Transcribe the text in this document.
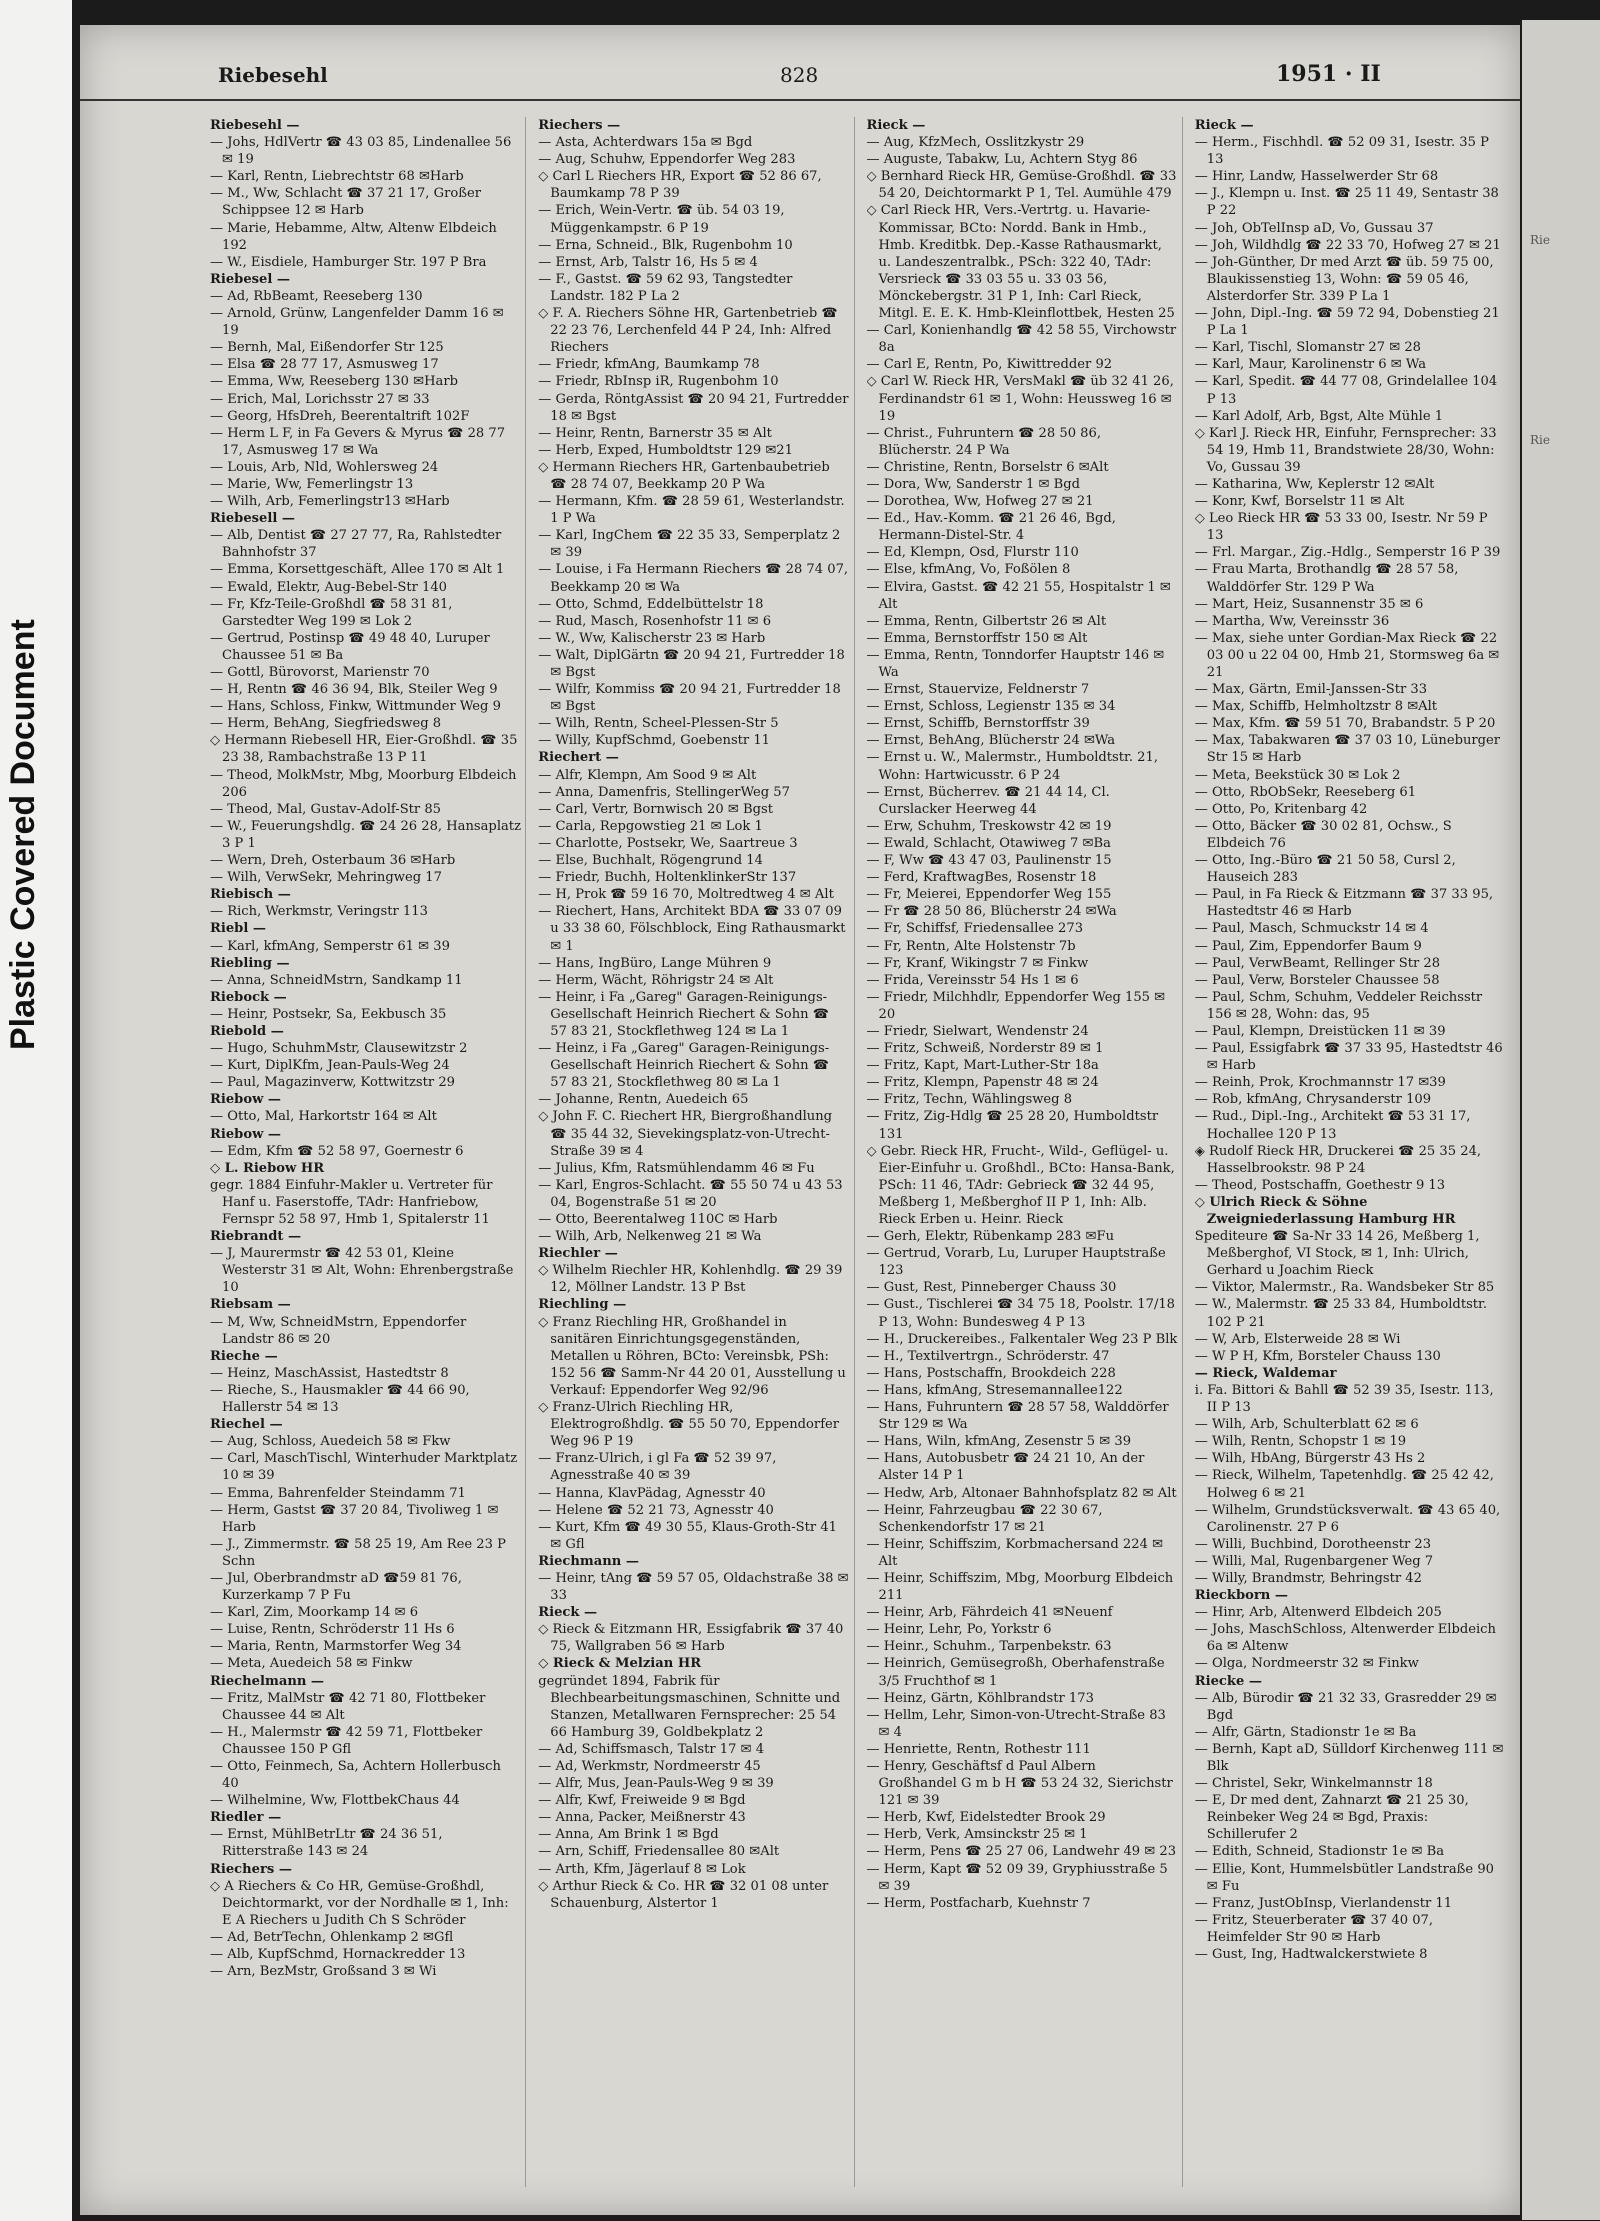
Plastic Covered Document
Riebesehl	828	1951 · II

Riebesehl —

— Johs, HdlVertr ☎ 43 03 85, Lindenallee 56 ✉ 19

— Karl, Rentn, Liebrechtstr 68 ✉Harb

— M., Ww, Schlacht ☎ 37 21 17, Großer Schippsee 12 ✉ Harb

— Marie, Hebamme, Altw, Altenw Elbdeich 192

— W., Eisdiele, Hamburger Str. 197 P Bra

Riebesel —

— Ad, RbBeamt, Reeseberg 130

— Arnold, Grünw, Langenfelder Damm 16 ✉ 19

— Bernh, Mal, Eißendorfer Str 125

— Elsa ☎ 28 77 17, Asmusweg 17

— Emma, Ww, Reeseberg 130 ✉Harb

— Erich, Mal, Lorichsstr 27 ✉ 33

— Georg, HfsDreh, Beerentaltrift 102F

— Herm L F, in Fa Gevers & Myrus ☎ 28 77 17, Asmusweg 17 ✉ Wa

— Louis, Arb, Nld, Wohlersweg 24

— Marie, Ww, Femerlingstr 13

— Wilh, Arb, Femerlingstr13 ✉Harb

Riebesell —

— Alb, Dentist ☎ 27 27 77, Ra, Rahlstedter Bahnhofstr 37

— Emma, Korsettgeschäft, Allee 170 ✉ Alt 1

— Ewald, Elektr, Aug-Bebel-Str 140

— Fr, Kfz-Teile-Großhdl ☎ 58 31 81, Garstedter Weg 199 ✉ Lok 2

— Gertrud, Postinsp ☎ 49 48 40, Luruper Chaussee 51 ✉ Ba

— Gottl, Bürovorst, Marienstr 70

— H, Rentn ☎ 46 36 94, Blk, Steiler Weg 9

— Hans, Schloss, Finkw, Wittmunder Weg 9

— Herm, BehAng, Siegfriedsweg 8

◇ Hermann Riebesell HR, Eier-Großhdl. ☎ 35 23 38, Rambachstraße 13 P 11

— Theod, MolkMstr, Mbg, Moorburg Elbdeich 206

— Theod, Mal, Gustav-Adolf-Str 85

— W., Feuerungshdlg. ☎ 24 26 28, Hansaplatz 3 P 1

— Wern, Dreh, Osterbaum 36 ✉Harb

— Wilh, VerwSekr, Mehringweg 17

Riebisch —

— Rich, Werkmstr, Veringstr 113

Riebl —

— Karl, kfmAng, Semperstr 61 ✉ 39

Riebling —

— Anna, SchneidMstrn, Sandkamp 11

Riebock —

— Heinr, Postsekr, Sa, Eekbusch 35

Riebold —

— Hugo, SchuhmMstr, Clausewitzstr 2

— Kurt, DiplKfm, Jean-Pauls-Weg 24

— Paul, Magazinverw, Kottwitzstr 29

Riebow —

— Otto, Mal, Harkortstr 164 ✉ Alt

Riebow —

— Edm, Kfm ☎ 52 58 97, Goernestr 6

◇ L. Riebow HR

gegr. 1884 Einfuhr-Makler u. Vertreter für Hanf u. Faserstoffe, TAdr: Hanfriebow, Fernspr 52 58 97, Hmb 1, Spitalerstr 11

Riebrandt —

— J, Maurermstr ☎ 42 53 01, Kleine Westerstr 31 ✉ Alt, Wohn: Ehrenbergstraße 10

Riebsam —

— M, Ww, SchneidMstrn, Eppendorfer Landstr 86 ✉ 20

Rieche —

— Heinz, MaschAssist, Hastedtstr 8

— Rieche, S., Hausmakler ☎ 44 66 90, Hallerstr 54 ✉ 13

Riechel —

— Aug, Schloss, Auedeich 58 ✉ Fkw

— Carl, MaschTischl, Winterhuder Marktplatz 10 ✉ 39

— Emma, Bahrenfelder Steindamm 71

— Herm, Gastst ☎ 37 20 84, Tivoliweg 1 ✉ Harb

— J., Zimmermstr. ☎ 58 25 19, Am Ree 23 P Schn

— Jul, Oberbrandmstr aD ☎59 81 76, Kurzerkamp 7 P Fu

— Karl, Zim, Moorkamp 14 ✉ 6

— Luise, Rentn, Schröderstr 11 Hs 6

— Maria, Rentn, Marmstorfer Weg 34

— Meta, Auedeich 58 ✉ Finkw

Riechelmann —

— Fritz, MalMstr ☎ 42 71 80, Flottbeker Chaussee 44 ✉ Alt

— H., Malermstr ☎ 42 59 71, Flottbeker Chaussee 150 P Gfl

— Otto, Feinmech, Sa, Achtern Hollerbusch 40

— Wilhelmine, Ww, FlottbekChaus 44

Riedler —

— Ernst, MühlBetrLtr ☎ 24 36 51, Ritterstraße 143 ✉ 24

Riechers —

◇ A Riechers & Co HR, Gemüse-Großhdl, Deichtormarkt, vor der Nordhalle ✉ 1, Inh: E A Riechers u Judith Ch S Schröder

— Ad, BetrTechn, Ohlenkamp 2 ✉Gfl

— Alb, KupfSchmd, Hornackredder 13

— Arn, BezMstr, Großsand 3 ✉ Wi

Riechers —

— Asta, Achterdwars 15a ✉ Bgd

— Aug, Schuhw, Eppendorfer Weg 283

◇ Carl L Riechers HR, Export ☎ 52 86 67, Baumkamp 78 P 39

— Erich, Wein-Vertr. ☎ üb. 54 03 19, Müggenkampstr. 6 P 19

— Erna, Schneid., Blk, Rugenbohm 10

— Ernst, Arb, Talstr 16, Hs 5 ✉ 4

— F., Gastst. ☎ 59 62 93, Tangstedter Landstr. 182 P La 2

◇ F. A. Riechers Söhne HR, Gartenbetrieb ☎ 22 23 76, Lerchenfeld 44 P 24, Inh: Alfred Riechers

— Friedr, kfmAng, Baumkamp 78

— Friedr, RbInsp iR, Rugenbohm 10

— Gerda, RöntgAssist ☎ 20 94 21, Furtredder 18 ✉ Bgst

— Heinr, Rentn, Barnerstr 35 ✉ Alt

— Herb, Exped, Humboldtstr 129 ✉21

◇ Hermann Riechers HR, Gartenbaubetrieb ☎ 28 74 07, Beekkamp 20 P Wa

— Hermann, Kfm. ☎ 28 59 61, Westerlandstr. 1 P Wa

— Karl, IngChem ☎ 22 35 33, Semperplatz 2 ✉ 39

— Louise, i Fa Hermann Riechers ☎ 28 74 07, Beekkamp 20 ✉ Wa

— Otto, Schmd, Eddelbüttelstr 18

— Rud, Masch, Rosenhofstr 11 ✉ 6

— W., Ww, Kalischerstr 23 ✉ Harb

— Walt, DiplGärtn ☎ 20 94 21, Furtredder 18 ✉ Bgst

— Wilfr, Kommiss ☎ 20 94 21, Furtredder 18 ✉ Bgst

— Wilh, Rentn, Scheel-Plessen-Str 5

— Willy, KupfSchmd, Goebenstr 11

Riechert —

— Alfr, Klempn, Am Sood 9 ✉ Alt

— Anna, Damenfris, StellingerWeg 57

— Carl, Vertr, Bornwisch 20 ✉ Bgst

— Carla, Repgowstieg 21 ✉ Lok 1

— Charlotte, Postsekr, We, Saartreue 3

— Else, Buchhalt, Rögengrund 14

— Friedr, Buchh, HoltenklinkerStr 137

— H, Prok ☎ 59 16 70, Moltredtweg 4 ✉ Alt

— Riechert, Hans, Architekt BDA ☎ 33 07 09 u 33 38 60, Fölschblock, Eing Rathausmarkt ✉ 1

— Hans, IngBüro, Lange Mühren 9

— Herm, Wächt, Röhrigstr 24 ✉ Alt

— Heinr, i Fa „Gareg" Garagen-Reinigungs-Gesellschaft Heinrich Riechert & Sohn ☎ 57 83 21, Stockflethweg 124 ✉ La 1

— Heinz, i Fa „Gareg" Garagen-Reinigungs-Gesellschaft Heinrich Riechert & Sohn ☎ 57 83 21, Stockflethweg 80 ✉ La 1

— Johanne, Rentn, Auedeich 65

◇ John F. C. Riechert HR, Biergroßhandlung ☎ 35 44 32, Sievekingsplatz-von-Utrecht-Straße 39 ✉ 4

— Julius, Kfm, Ratsmühlendamm 46 ✉ Fu

— Karl, Engros-Schlacht. ☎ 55 50 74 u 43 53 04, Bogenstraße 51 ✉ 20

— Otto, Beerentalweg 110C ✉ Harb

— Wilh, Arb, Nelkenweg 21 ✉ Wa

Riechler —

◇ Wilhelm Riechler HR, Kohlenhdlg. ☎ 29 39 12, Möllner Landstr. 13 P Bst

Riechling —

◇ Franz Riechling HR, Großhandel in sanitären Einrichtungsgegenständen, Metallen u Röhren, BCto: Vereinsbk, PSh: 152 56 ☎ Samm-Nr 44 20 01, Ausstellung u Verkauf: Eppendorfer Weg 92/96

◇ Franz-Ulrich Riechling HR, Elektrogroßhdlg. ☎ 55 50 70, Eppendorfer Weg 96 P 19

— Franz-Ulrich, i gl Fa ☎ 52 39 97, Agnesstraße 40 ✉ 39

— Hanna, KlavPädag, Agnesstr 40

— Helene ☎ 52 21 73, Agnesstr 40

— Kurt, Kfm ☎ 49 30 55, Klaus-Groth-Str 41 ✉ Gfl

Riechmann —

— Heinr, tAng ☎ 59 57 05, Oldachstraße 38 ✉ 33

Rieck —

◇ Rieck & Eitzmann HR, Essigfabrik ☎ 37 40 75, Wallgraben 56 ✉ Harb

◇ Rieck & Melzian HR

gegründet 1894, Fabrik für Blechbearbeitungsmaschinen, Schnitte und Stanzen, Metallwaren Fernsprecher: 25 54 66 Hamburg 39, Goldbekplatz 2

— Ad, Schiffsmasch, Talstr 17 ✉ 4

— Ad, Werkmstr, Nordmeerstr 45

— Alfr, Mus, Jean-Pauls-Weg 9 ✉ 39

— Alfr, Kwf, Freiweide 9 ✉ Bgd

— Anna, Packer, Meißnerstr 43

— Anna, Am Brink 1 ✉ Bgd

— Arn, Schiff, Friedensallee 80 ✉Alt

— Arth, Kfm, Jägerlauf 8 ✉ Lok

◇ Arthur Rieck & Co. HR ☎ 32 01 08 unter Schauenburg, Alstertor 1

Rieck —

— Aug, KfzMech, Osslitzkystr 29

— Auguste, Tabakw, Lu, Achtern Styg 86

◇ Bernhard Rieck HR, Gemüse-Großhdl. ☎ 33 54 20, Deichtormarkt P 1, Tel. Aumühle 479

◇ Carl Rieck HR, Vers.-Vertrtg. u. Havarie-Kommissar, BCto: Nordd. Bank in Hmb., Hmb. Kreditbk. Dep.-Kasse Rathausmarkt, u. Landeszentralbk., PSch: 322 40, TAdr: Versrieck ☎ 33 03 55 u. 33 03 56, Mönckebergstr. 31 P 1, Inh: Carl Rieck, Mitgl. E. E. K. Hmb-Kleinflottbek, Hesten 25

— Carl, Konienhandlg ☎ 42 58 55, Virchowstr 8a

— Carl E, Rentn, Po, Kiwittredder 92

◇ Carl W. Rieck HR, VersMakl ☎ üb 32 41 26, Ferdinandstr 61 ✉ 1, Wohn: Heussweg 16 ✉ 19

— Christ., Fuhruntern ☎ 28 50 86, Blücherstr. 24 P Wa

— Christine, Rentn, Borselstr 6 ✉Alt

— Dora, Ww, Sanderstr 1 ✉ Bgd

— Dorothea, Ww, Hofweg 27 ✉ 21

— Ed., Hav.-Komm. ☎ 21 26 46, Bgd, Hermann-Distel-Str. 4

— Ed, Klempn, Osd, Flurstr 110

— Else, kfmAng, Vo, Foßölen 8

— Elvira, Gastst. ☎ 42 21 55, Hospitalstr 1 ✉ Alt

— Emma, Rentn, Gilbertstr 26 ✉ Alt

— Emma, Bernstorffstr 150 ✉ Alt

— Emma, Rentn, Tonndorfer Hauptstr 146 ✉ Wa

— Ernst, Stauervize, Feldnerstr 7

— Ernst, Schloss, Legienstr 135 ✉ 34

— Ernst, Schiffb, Bernstorffstr 39

— Ernst, BehAng, Blücherstr 24 ✉Wa

— Ernst u. W., Malermstr., Humboldtstr. 21, Wohn: Hartwicusstr. 6 P 24

— Ernst, Bücherrev. ☎ 21 44 14, Cl. Curslacker Heerweg 44

— Erw, Schuhm, Treskowstr 42 ✉ 19

— Ewald, Schlacht, Otawiweg 7 ✉Ba

— F, Ww ☎ 43 47 03, Paulinenstr 15

— Ferd, KraftwagBes, Rosenstr 18

— Fr, Meierei, Eppendorfer Weg 155

— Fr ☎ 28 50 86, Blücherstr 24 ✉Wa

— Fr, Schiffsf, Friedensallee 273

— Fr, Rentn, Alte Holstenstr 7b

— Fr, Kranf, Wikingstr 7 ✉ Finkw

— Frida, Vereinsstr 54 Hs 1 ✉ 6

— Friedr, Milchhdlr, Eppendorfer Weg 155 ✉ 20

— Friedr, Sielwart, Wendenstr 24

— Fritz, Schweiß, Norderstr 89 ✉ 1

— Fritz, Kapt, Mart-Luther-Str 18a

— Fritz, Klempn, Papenstr 48 ✉ 24

— Fritz, Techn, Wählingsweg 8

— Fritz, Zig-Hdlg ☎ 25 28 20, Humboldtstr 131

◇ Gebr. Rieck HR, Frucht-, Wild-, Geflügel- u. Eier-Einfuhr u. Großhdl., BCto: Hansa-Bank, PSch: 11 46, TAdr: Gebrieck ☎ 32 44 95, Meßberg 1, Meßberghof II P 1, Inh: Alb. Rieck Erben u. Heinr. Rieck

— Gerh, Elektr, Rübenkamp 283 ✉Fu

— Gertrud, Vorarb, Lu, Luruper Hauptstraße 123

— Gust, Rest, Pinneberger Chauss 30

— Gust., Tischlerei ☎ 34 75 18, Poolstr. 17/18 P 13, Wohn: Bundesweg 4 P 13

— H., Druckereibes., Falkentaler Weg 23 P Blk

— H., Textilvertrgn., Schröderstr. 47

— Hans, Postschaffn, Brookdeich 228

— Hans, kfmAng, Stresemannallee122

— Hans, Fuhruntern ☎ 28 57 58, Walddörfer Str 129 ✉ Wa

— Hans, Wiln, kfmAng, Zesenstr 5 ✉ 39

— Hans, Autobusbetr ☎ 24 21 10, An der Alster 14 P 1

— Hedw, Arb, Altonaer Bahnhofsplatz 82 ✉ Alt

— Heinr, Fahrzeugbau ☎ 22 30 67, Schenkendorfstr 17 ✉ 21

— Heinr, Schiffszim, Korbmachersand 224 ✉ Alt

— Heinr, Schiffszim, Mbg, Moorburg Elbdeich 211

— Heinr, Arb, Fährdeich 41 ✉Neuenf

— Heinr, Lehr, Po, Yorkstr 6

— Heinr., Schuhm., Tarpenbekstr. 63

— Heinrich, Gemüsegroßh, Oberhafenstraße 3/5 Fruchthof ✉ 1

— Heinz, Gärtn, Köhlbrandstr 173

— Hellm, Lehr, Simon-von-Utrecht-Straße 83 ✉ 4

— Henriette, Rentn, Rothestr 111

— Henry, Geschäftsf d Paul Albern Großhandel G m b H ☎ 53 24 32, Sierichstr 121 ✉ 39

— Herb, Kwf, Eidelstedter Brook 29

— Herb, Verk, Amsinckstr 25 ✉ 1

— Herm, Pens ☎ 25 27 06, Landwehr 49 ✉ 23

— Herm, Kapt ☎ 52 09 39, Gryphiusstraße 5 ✉ 39

— Herm, Postfacharb, Kuehnstr 7

Rieck —

— Herm., Fischhdl. ☎ 52 09 31, Isestr. 35 P 13

— Hinr, Landw, Hasselwerder Str 68

— J., Klempn u. Inst. ☎ 25 11 49, Sentastr 38 P 22

— Joh, ObTelInsp aD, Vo, Gussau 37

— Joh, Wildhdlg ☎ 22 33 70, Hofweg 27 ✉ 21

— Joh-Günther, Dr med Arzt ☎ üb. 59 75 00, Blaukissenstieg 13, Wohn: ☎ 59 05 46, Alsterdorfer Str. 339 P La 1

— John, Dipl.-Ing. ☎ 59 72 94, Dobenstieg 21 P La 1

— Karl, Tischl, Slomanstr 27 ✉ 28

— Karl, Maur, Karolinenstr 6 ✉ Wa

— Karl, Spedit. ☎ 44 77 08, Grindelallee 104 P 13

— Karl Adolf, Arb, Bgst, Alte Mühle 1

◇ Karl J. Rieck HR, Einfuhr, Fernsprecher: 33 54 19, Hmb 11, Brandstwiete 28/30, Wohn: Vo, Gussau 39

— Katharina, Ww, Keplerstr 12 ✉Alt

— Konr, Kwf, Borselstr 11 ✉ Alt

◇ Leo Rieck HR ☎ 53 33 00, Isestr. Nr 59 P 13

— Frl. Margar., Zig.-Hdlg., Semperstr 16 P 39

— Frau Marta, Brothandlg ☎ 28 57 58, Walddörfer Str. 129 P Wa

— Mart, Heiz, Susannenstr 35 ✉ 6

— Martha, Ww, Vereinsstr 36

— Max, siehe unter Gordian-Max Rieck ☎ 22 03 00 u 22 04 00, Hmb 21, Stormsweg 6a ✉ 21

— Max, Gärtn, Emil-Janssen-Str 33

— Max, Schiffb, Helmholtzstr 8 ✉Alt

— Max, Kfm. ☎ 59 51 70, Brabandstr. 5 P 20

— Max, Tabakwaren ☎ 37 03 10, Lüneburger Str 15 ✉ Harb

— Meta, Beekstück 30 ✉ Lok 2

— Otto, RbObSekr, Reeseberg 61

— Otto, Po, Kritenbarg 42

— Otto, Bäcker ☎ 30 02 81, Ochsw., S Elbdeich 76

— Otto, Ing.-Büro ☎ 21 50 58, Cursl 2, Hauseich 283

— Paul, in Fa Rieck & Eitzmann ☎ 37 33 95, Hastedtstr 46 ✉ Harb

— Paul, Masch, Schmuckstr 14 ✉ 4

— Paul, Zim, Eppendorfer Baum 9

— Paul, VerwBeamt, Rellinger Str 28

— Paul, Verw, Borsteler Chaussee 58

— Paul, Schm, Schuhm, Veddeler Reichsstr 156 ✉ 28, Wohn: das, 95

— Paul, Klempn, Dreistücken 11 ✉ 39

— Paul, Essigfabrk ☎ 37 33 95, Hastedtstr 46 ✉ Harb

— Reinh, Prok, Krochmannstr 17 ✉39

— Rob, kfmAng, Chrysanderstr 109

— Rud., Dipl.-Ing., Architekt ☎ 53 31 17, Hochallee 120 P 13

◈ Rudolf Rieck HR, Druckerei ☎ 25 35 24, Hasselbrookstr. 98 P 24

— Theod, Postschaffn, Goethestr 9 13

◇ Ulrich Rieck & Söhne Zweigniederlassung Hamburg HR

Spediteure ☎ Sa-Nr 33 14 26, Meßberg 1, Meßberghof, VI Stock, ✉ 1, Inh: Ulrich, Gerhard u Joachim Rieck

— Viktor, Malermstr., Ra. Wandsbeker Str 85

— W., Malermstr. ☎ 25 33 84, Humboldtstr. 102 P 21

— W, Arb, Elsterweide 28 ✉ Wi

— W P H, Kfm, Borsteler Chauss 130

— Rieck, Waldemar

i. Fa. Bittori & Bahll ☎ 52 39 35, Isestr. 113, II P 13

— Wilh, Arb, Schulterblatt 62 ✉ 6

— Wilh, Rentn, Schopstr 1 ✉ 19

— Wilh, HbAng, Bürgerstr 43 Hs 2

— Rieck, Wilhelm, Tapetenhdlg. ☎ 25 42 42, Holweg 6 ✉ 21

— Wilhelm, Grundstücksverwalt. ☎ 43 65 40, Carolinenstr. 27 P 6

— Willi, Buchbind, Dorotheenstr 23

— Willi, Mal, Rugenbargener Weg 7

— Willy, Brandmstr, Behringstr 42

Rieckborn —

— Hinr, Arb, Altenwerd Elbdeich 205

— Johs, MaschSchloss, Altenwerder Elbdeich 6a ✉ Altenw

— Olga, Nordmeerstr 32 ✉ Finkw

Riecke —

— Alb, Bürodir ☎ 21 32 33, Grasredder 29 ✉ Bgd

— Alfr, Gärtn, Stadionstr 1e ✉ Ba

— Bernh, Kapt aD, Sülldorf Kirchenweg 111 ✉ Blk

— Christel, Sekr, Winkelmannstr 18

— E, Dr med dent, Zahnarzt ☎ 21 25 30, Reinbeker Weg 24 ✉ Bgd, Praxis: Schillerufer 2

— Edith, Schneid, Stadionstr 1e ✉ Ba

— Ellie, Kont, Hummelsbütler Landstraße 90 ✉ Fu

— Franz, JustObInsp, Vierlandenstr 11

— Fritz, Steuerberater ☎ 37 40 07, Heimfelder Str 90 ✉ Harb

— Gust, Ing, Hadtwalckerstwiete 8

Rie
Rie
